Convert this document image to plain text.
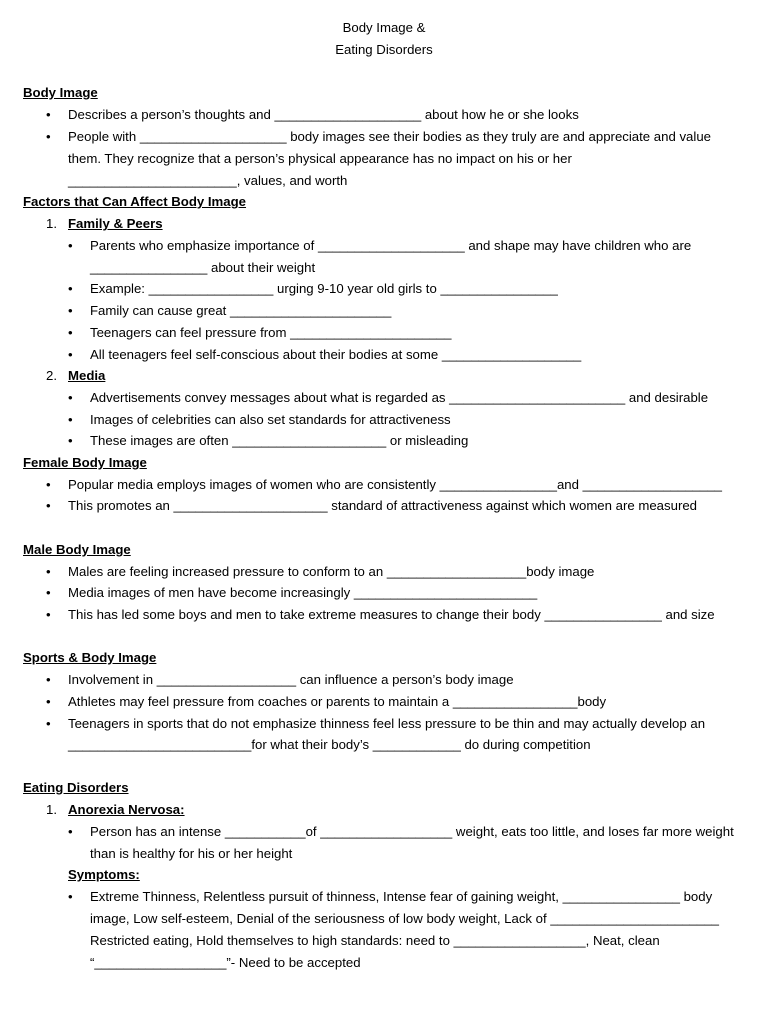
Body Image &
Eating Disorders
Body Image
• Describes a person’s thoughts and ____________________ about how he or she looks
• People with ____________________ body images see their bodies as they truly are and appreciate and value
them. They recognize that a person’s physical appearance has no impact on his or her
_______________________, values, and worth
Factors that Can Affect Body Image
1. Family & Peers
• Parents who emphasize importance of ____________________ and shape may have children who are
________________ about their weight
• Example: _________________ urging 9-10 year old girls to ________________
• Family can cause great ______________________
• Teenagers can feel pressure from ______________________
• All teenagers feel self-conscious about their bodies at some ___________________
2. Media
• Advertisements convey messages about what is regarded as ________________________ and desirable
• Images of celebrities can also set standards for attractiveness
• These images are often _____________________ or misleading
Female Body Image
• Popular media employs images of women who are consistently ________________and ___________________
• This promotes an _____________________ standard of attractiveness against which women are measured
Male Body Image
• Males are feeling increased pressure to conform to an ___________________body image
• Media images of men have become increasingly _________________________
• This has led some boys and men to take extreme measures to change their body ________________ and size
Sports & Body Image
• Involvement in ___________________ can influence a person’s body image
• Athletes may feel pressure from coaches or parents to maintain a _________________body
• Teenagers in sports that do not emphasize thinness feel less pressure to be thin and may actually develop an
_________________________for what their body’s ____________ do during competition
Eating Disorders
1. Anorexia Nervosa:
• Person has an intense ___________of __________________ weight, eats too little, and loses far more weight
than is healthy for his or her height
Symptoms:
• Extreme Thinness, Relentless pursuit of thinness, Intense fear of gaining weight, ________________ body
image, Low self-esteem, Denial of the seriousness of low body weight, Lack of _______________________
Restricted eating, Hold themselves to high standards: need to __________________, Neat, clean
“__________________”- Need to be accepted
